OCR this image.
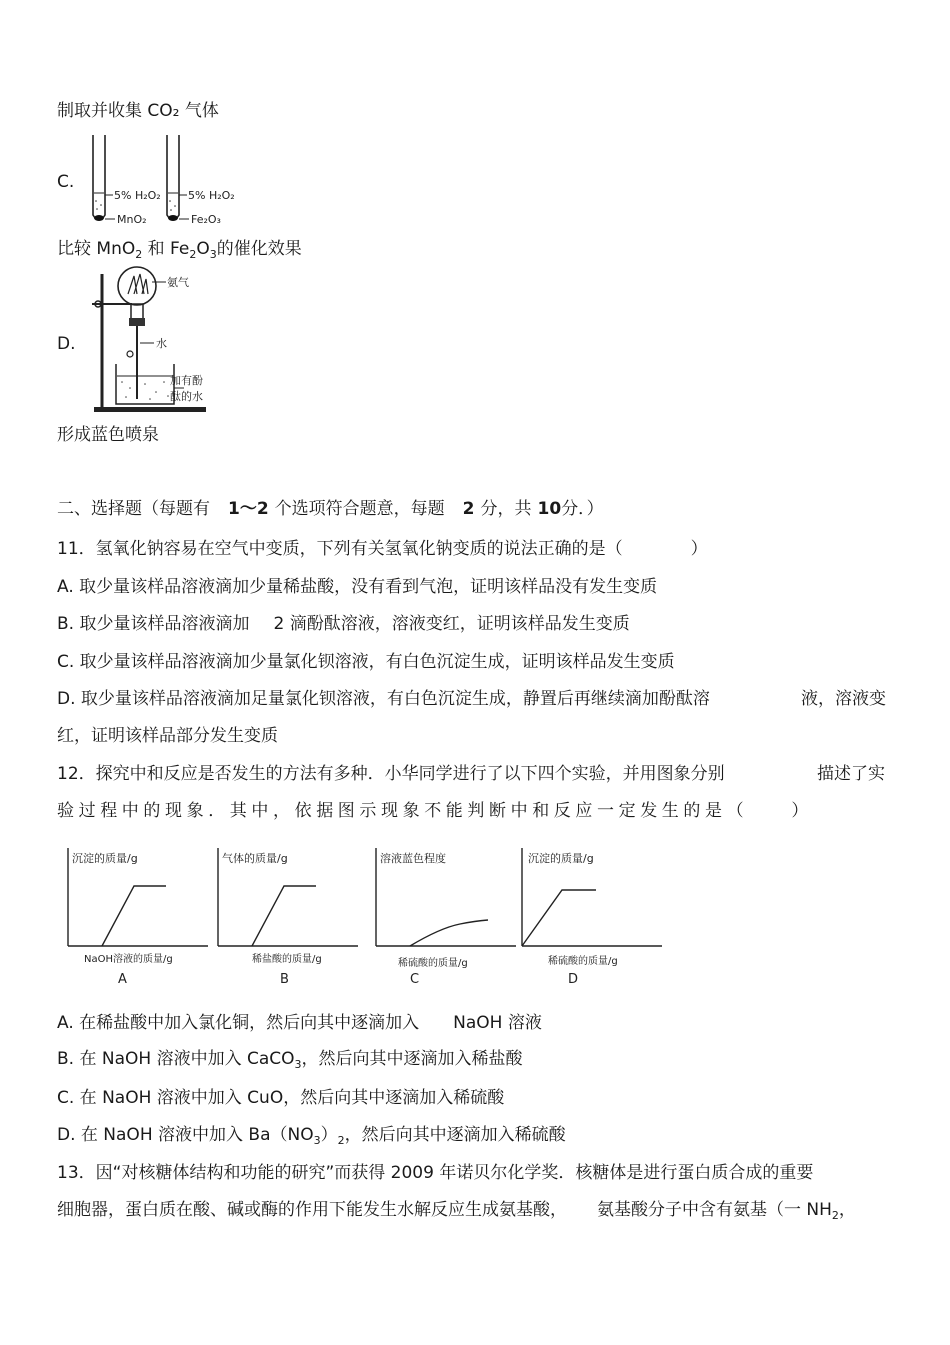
制取并收集 CO₂ 气体
C.
5% H₂O₂
MnO₂
5% H₂O₂
Fe₂O₃
比较 MnO$_2$ 和 $Fe_2O_3$的催化效果
D.
氨气
水
加有酚
酞的水
形成蓝色喷泉
二、选择题（每题有 1～2 个选项符合题意，每题 2 分，共 10分．）
11．氢氧化钠容易在空气中变质，下列有关氢氧化钠变质的说法正确的是（　　　　）
A. 取少量该样品溶液滴加少量稀盐酸，没有看到气泡，证明该样品没有发生变质
B. 取少量该样品溶液滴加 2 滴酚酞溶液，溶液变红，证明该样品发生变质
C. 取少量该样品溶液滴加少量氯化钡溶液，有白色沉淀生成，证明该样品发生变质
D. 取少量该样品溶液滴加足量氯化钡溶液，有白色沉淀生成，静置后再继续滴加酚酞溶	液，溶液变
红，证明该样品部分发生变质
12．探究中和反应是否发生的方法有多种．小华同学进行了以下四个实验，并用图象分别	描述了实
验过程中的现象．其中，依据图示现象不能判断中和反应一定发生的是（　　）
沉淀的质量/g
NaOH溶液的质量/g
A
气体的质量/g
稀盐酸的质量/g
B
溶液蓝色程度
稀硫酸的质量/g
C
沉淀的质量/g
稀硫酸的质量/g
D
A. 在稀盐酸中加入氯化铜，然后向其中逐滴加入 NaOH 溶液
B. 在 NaOH 溶液中加入 CaCO$_3$，然后向其中逐滴加入稀盐酸
C. 在 NaOH 溶液中加入 CuO，然后向其中逐滴加入稀硫酸
D. 在 NaOH 溶液中加入 $Ba(NO_3)_2$，然后向其中逐滴加入稀硫酸
13．因“对核糖体结构和功能的研究”而获得 2009 年诺贝尔化学奖．核糖体是进行蛋白质合成的重要
细胞器，蛋白质在酸、碱或酶的作用下能发生水解反应生成氨基酸， 氨基酸分子中含有氨基（一 $NH_2$，
